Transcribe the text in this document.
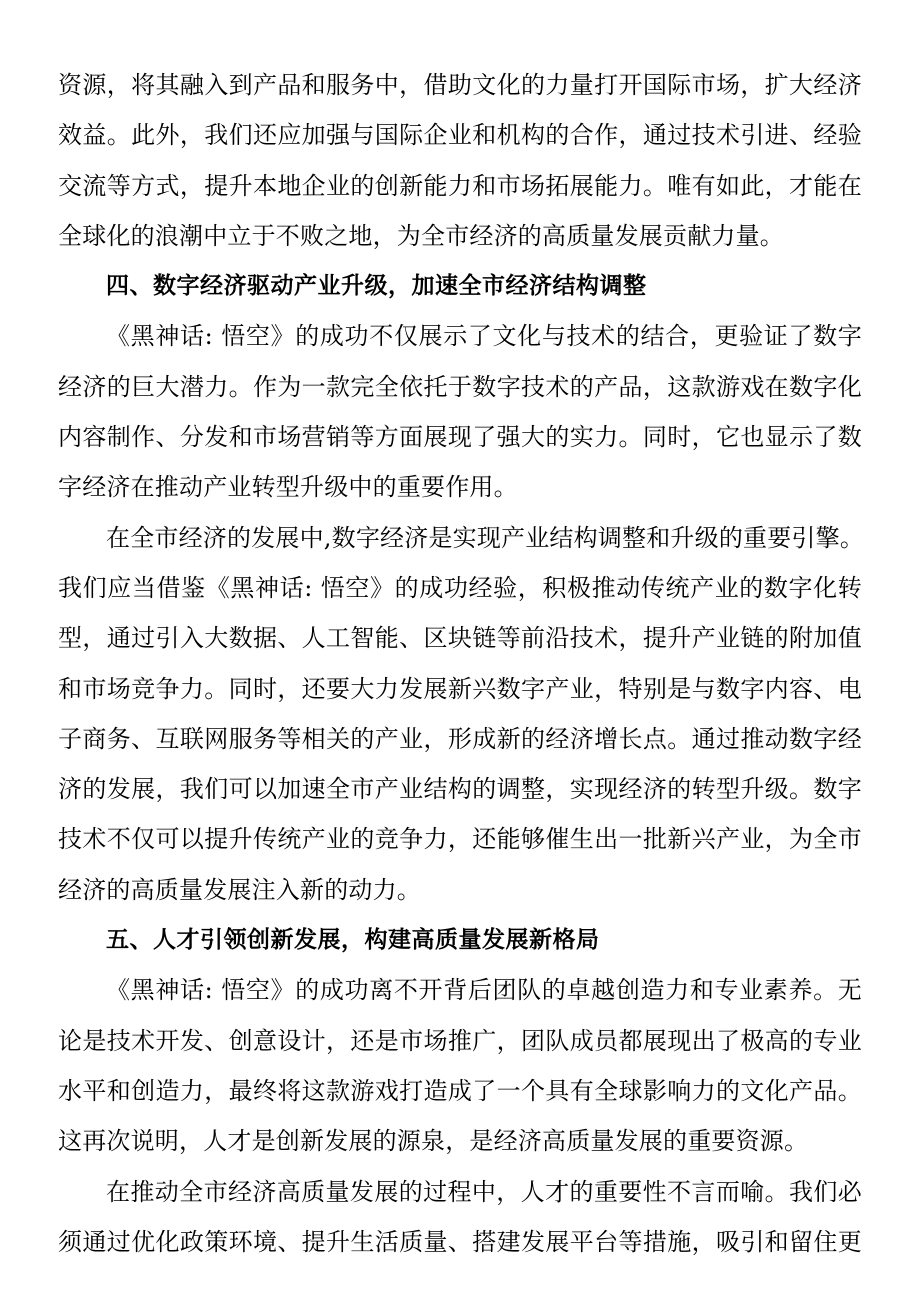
资源，将其融入到产品和服务中，借助文化的力量打开国际市场，扩大经济
效益。此外，我们还应加强与国际企业和机构的合作，通过技术引进、经验
交流等方式，提升本地企业的创新能力和市场拓展能力。唯有如此，才能在
全球化的浪潮中立于不败之地，为全市经济的高质量发展贡献力量。
四、数字经济驱动产业升级，加速全市经济结构调整
《黑神话: 悟空》的成功不仅展示了文化与技术的结合，更验证了数字
经济的巨大潜力。作为一款完全依托于数字技术的产品，这款游戏在数字化
内容制作、分发和市场营销等方面展现了强大的实力。同时，它也显示了数
字经济在推动产业转型升级中的重要作用。
在全市经济的发展中,数字经济是实现产业结构调整和升级的重要引擎。
我们应当借鉴《黑神话: 悟空》的成功经验，积极推动传统产业的数字化转
型，通过引入大数据、人工智能、区块链等前沿技术，提升产业链的附加值
和市场竞争力。同时，还要大力发展新兴数字产业，特别是与数字内容、电
子商务、互联网服务等相关的产业，形成新的经济增长点。通过推动数字经
济的发展，我们可以加速全市产业结构的调整，实现经济的转型升级。数字
技术不仅可以提升传统产业的竞争力，还能够催生出一批新兴产业，为全市
经济的高质量发展注入新的动力。
五、人才引领创新发展，构建高质量发展新格局
《黑神话: 悟空》的成功离不开背后团队的卓越创造力和专业素养。无
论是技术开发、创意设计，还是市场推广，团队成员都展现出了极高的专业
水平和创造力，最终将这款游戏打造成了一个具有全球影响力的文化产品。
这再次说明，人才是创新发展的源泉，是经济高质量发展的重要资源。
在推动全市经济高质量发展的过程中，人才的重要性不言而喻。我们必
须通过优化政策环境、提升生活质量、搭建发展平台等措施，吸引和留住更
